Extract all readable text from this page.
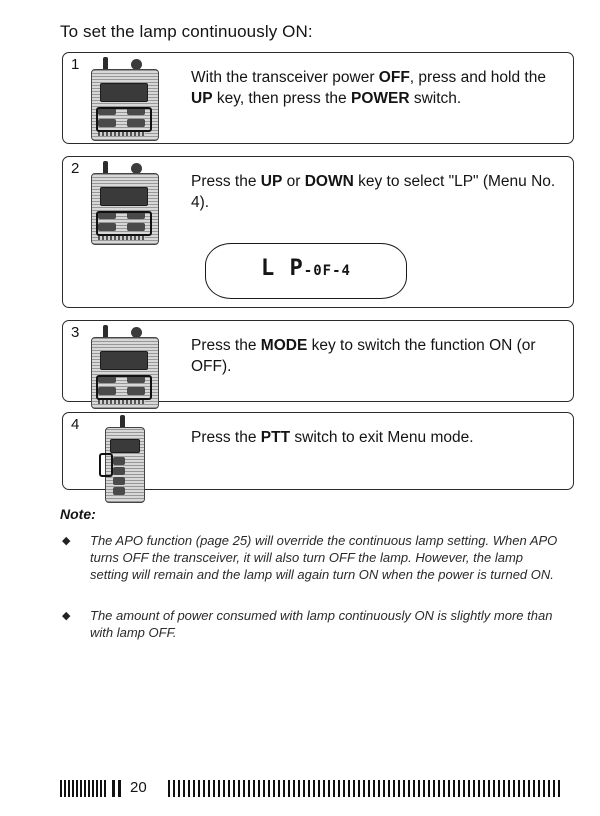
To set the lamp continuously ON:
1
With the transceiver power OFF, press and hold the UP key, then press the POWER switch.
2
Press the UP or DOWN key to select "LP" (Menu No. 4).
L P-0F-4
3
Press the MODE key to switch the function ON (or OFF).
4
Press the PTT switch to exit Menu mode.
Note:
◆ The APO function (page 25) will override the continuous lamp setting. When APO turns OFF the transceiver, it will also turn OFF the lamp. However, the lamp setting will remain and the lamp will again turn ON when the power is turned ON.
◆ The amount of power consumed with lamp continuously ON is slightly more than with lamp OFF.
20
